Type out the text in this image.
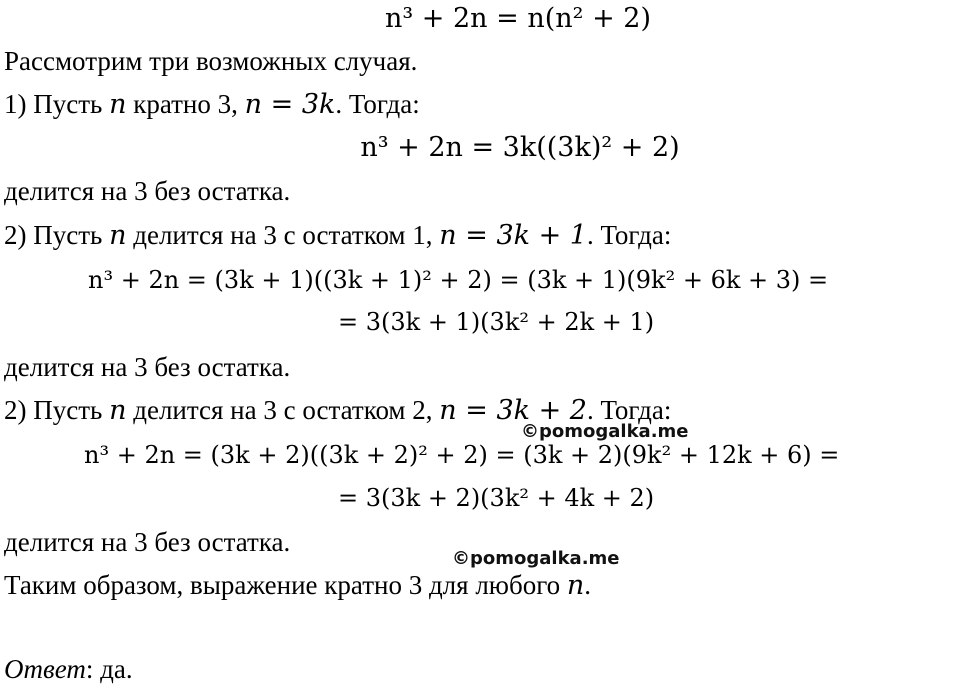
n³ + 2n = n(n² + 2)
Рассмотрим три возможных случая.
1) Пусть n кратно 3, n = 3k. Тогда:
n³ + 2n = 3k((3k)² + 2)
делится на 3 без остатка.
2) Пусть n делится на 3 с остатком 1, n = 3k + 1. Тогда:
n³ + 2n = (3k + 1)((3k + 1)² + 2) = (3k + 1)(9k² + 6k + 3) =
= 3(3k + 1)(3k² + 2k + 1)
делится на 3 без остатка.
2) Пусть n делится на 3 с остатком 2, n = 3k + 2. Тогда:
©pomogalka.me
n³ + 2n = (3k + 2)((3k + 2)² + 2) = (3k + 2)(9k² + 12k + 6) =
= 3(3k + 2)(3k² + 4k + 2)
делится на 3 без остатка.
©pomogalka.me
Таким образом, выражение кратно 3 для любого n.
Ответ: да.
